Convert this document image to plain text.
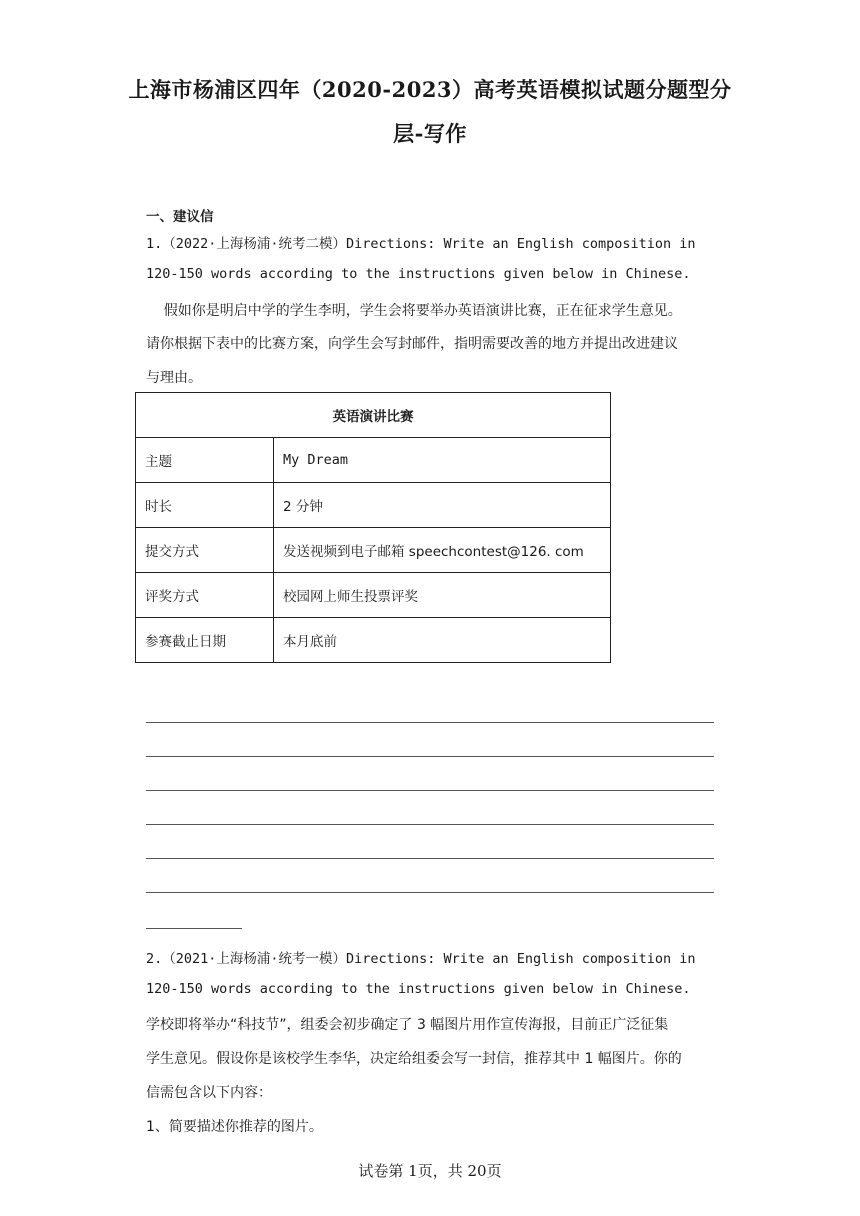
上海市杨浦区四年（2020-2023）高考英语模拟试题分题型分
层-写作
一、建议信
1.（2022·上海杨浦·统考二模）Directions: Write an English composition in
120-150 words according to the instructions given below in Chinese.
假如你是明启中学的学生李明，学生会将要举办英语演讲比赛，正在征求学生意见。
请你根据下表中的比赛方案，向学生会写封邮件，指明需要改善的地方并提出改进建议
与理由。
英语演讲比赛	
主题	My Dream
时长	2 分钟
提交方式	发送视频到电子邮箱 speechcontest@126. com
评奖方式	校园网上师生投票评奖
参赛截止日期	本月底前
2.（2021·上海杨浦·统考一模）Directions: Write an English composition in
120-150 words according to the instructions given below in Chinese.
学校即将举办“科技节”，组委会初步确定了 3 幅图片用作宣传海报，目前正广泛征集
学生意见。假设你是该校学生李华，决定给组委会写一封信，推荐其中 1 幅图片。你的
信需包含以下内容：
1、简要描述你推荐的图片。
试卷第 1页，共 20页
